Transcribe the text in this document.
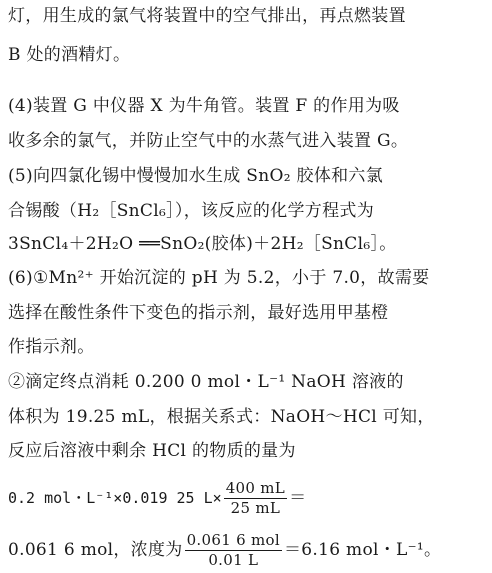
灯，用生成的氯气将装置中的空气排出，再点燃装置
B 处的酒精灯。
(4)装置 G 中仪器 X 为牛角管。装置 F 的作用为吸
收多余的氯气，并防止空气中的水蒸气进入装置 G。
(5)向四氯化锡中慢慢加水生成 SnO₂ 胶体和六氯
合锡酸（H₂［SnCl₆］），该反应的化学方程式为
3SnCl₄＋2H₂O ══SnO₂(胶体)＋2H₂［SnCl₆］。
(6)①Mn²⁺ 开始沉淀的 pH 为 5.2，小于 7.0，故需要
选择在酸性条件下变色的指示剂，最好选用甲基橙
作指示剂。
②滴定终点消耗 0.200 0 mol・L⁻¹ NaOH 溶液的
体积为 19.25 mL，根据关系式：NaOH～HCl 可知，
反应后溶液中剩余 HCl 的物质的量为
0.2 mol・L⁻¹×0.019 25 $L\times \frac{400 mL}{25 mL}$ ＝
0.061 6 mol，浓度为 $\frac{\text{0.061 6 mol}}{0.01 L} =6.16$ mol・L⁻¹。
